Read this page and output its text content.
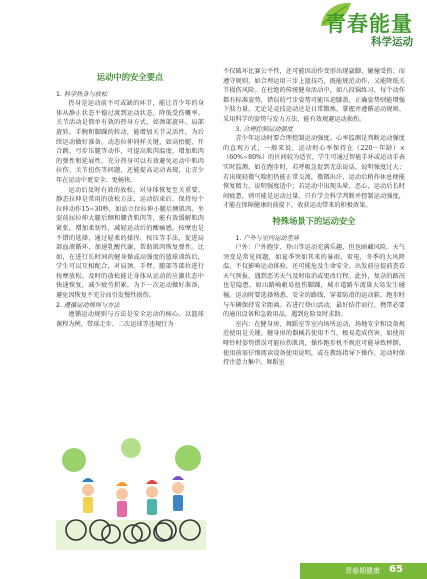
青春能量
科学运动
运动中的安全要点

1. 科学热身与放松

热身是运动前不可或缺的环节，能让青少年的身体从静止状态平稳过渡到运动状态，降低受伤概率。关节活动是简单有效的热身方式，如颈部旋环、肩部旋转、手腕和脚踝的转动，能增加关节灵活性，为后续运动做好准备。动态拉伸同样关键，如高抬腿、开合跳、弓步压腿等动作，可提高肌肉温度，增加肌肉的弹性和延展性。充分热身可以有效避免运动中肌肉拉伤、关节扭伤等问题，还能提高运动表现，让青少年在运动中更安全、更畅快。

运动后及时有效的放松，对身体恢复至关重要。静态拉伸是常用的放松方法，运动结束后，保持每个拉伸动作15~30秒，如站立位拉伸小腿后侧肌肉、坐姿前屈拉伸大腿后侧和腰背肌肉等，能有效缓解肌肉紧张，增加柔韧性，减轻运动后的酸痛感。按摩也是不错的选择，通过轻柔的揉捏、按压等手法，促进局部血液循环，加速乳酸代谢，帮助肌肉恢复弹性。比如，在进行长时间的健身操或高强度的篮球训练后，学生可以互相配合，对肩颈、手臂、腿部等部位进行按摩放松。及时的放松能让身体从运动的应激状态中快速恢复，减少疲劳积累，为下一次运动做好准备，避免因恢复不充分而引发慢性损伤。

2. 遵循运动规则与方法

遵循运动规则与方法是安全运动的核心。以篮球课程为例，带球走步、二次运球等违规行为

不仅破坏比赛公平性，还可能因动作变形出现崴脚、碰撞受伤；而遵守规则，如合理运用三步上篮技巧，既能规范动作，又能降低关节损伤风险。在杜绝的传统健身活动中，如八段锦练习，每个动作都有标准姿势，错误的弓步姿势可能压迫膝盖，正确姿势则能增强下肢力量。无论是竞技运动还是日常锻炼，掌握并遵循运动规则、采用科学的姿势与发力方法，能有效规避运动损伤。

3. 合理控制运动强度

青少年运动时要合理控制运动强度。心率监测是判断运动强度的直观方式，一般来说，运动时心率保持在（220－年龄）×（60%~80%）的区间较为适宜，学生可通过智能手环或运动手表实时监测。如在跑步时，若呼吸急促到无法说话，说明强度过大；若出现轻微气喘但仍能正常交流，微微出汗，运动后稍作休息便能恢复精力，说明强度适中；若运动中出现头晕、恶心，运动后长时间疲惫，则可能是运动过量。只有学会科学判断并控制运动强度，才能在保障健康的前提下，收获运动带来的积极效果。

特殊场景下的运动安全

1. 户外与室内运动差异

户外：户外跑步、登山等运动充满乐趣，但也暗藏风险。天气突变是常见问题，如夏季突如其来的暴雨、雷电，冬季的大风降温，不仅影响运动体验，还可能危及生命安全。出发前应提前查看天气预报，遇到恶劣天气及时取消或更改行程。此外，复杂的路况也是隐患，如山路崎岖易扭伤脚踝，城市道路车流量大易发生碰撞。运动时要选择熟悉、安全的路线，穿着防滑的运动鞋，跑步时与车辆保持安全距离。若进行登山活动，最好结伴而行，携带必要的通讯设备和急救用品，遇到危险及时求助。

室内：在健身房、舞蹈室等室内场所运动，场地安全和设备规范使用是关键。健身房的器械若使用不当，极易造成伤害，如使用哑铃时姿势错误可能拉伤肌肉，操作跑步机不规范可能导致摔倒。使用前需仔细阅读设备使用说明，或在教练指导下操作，运动时保持注意力集中。舞蹈室

青春期健康 65
